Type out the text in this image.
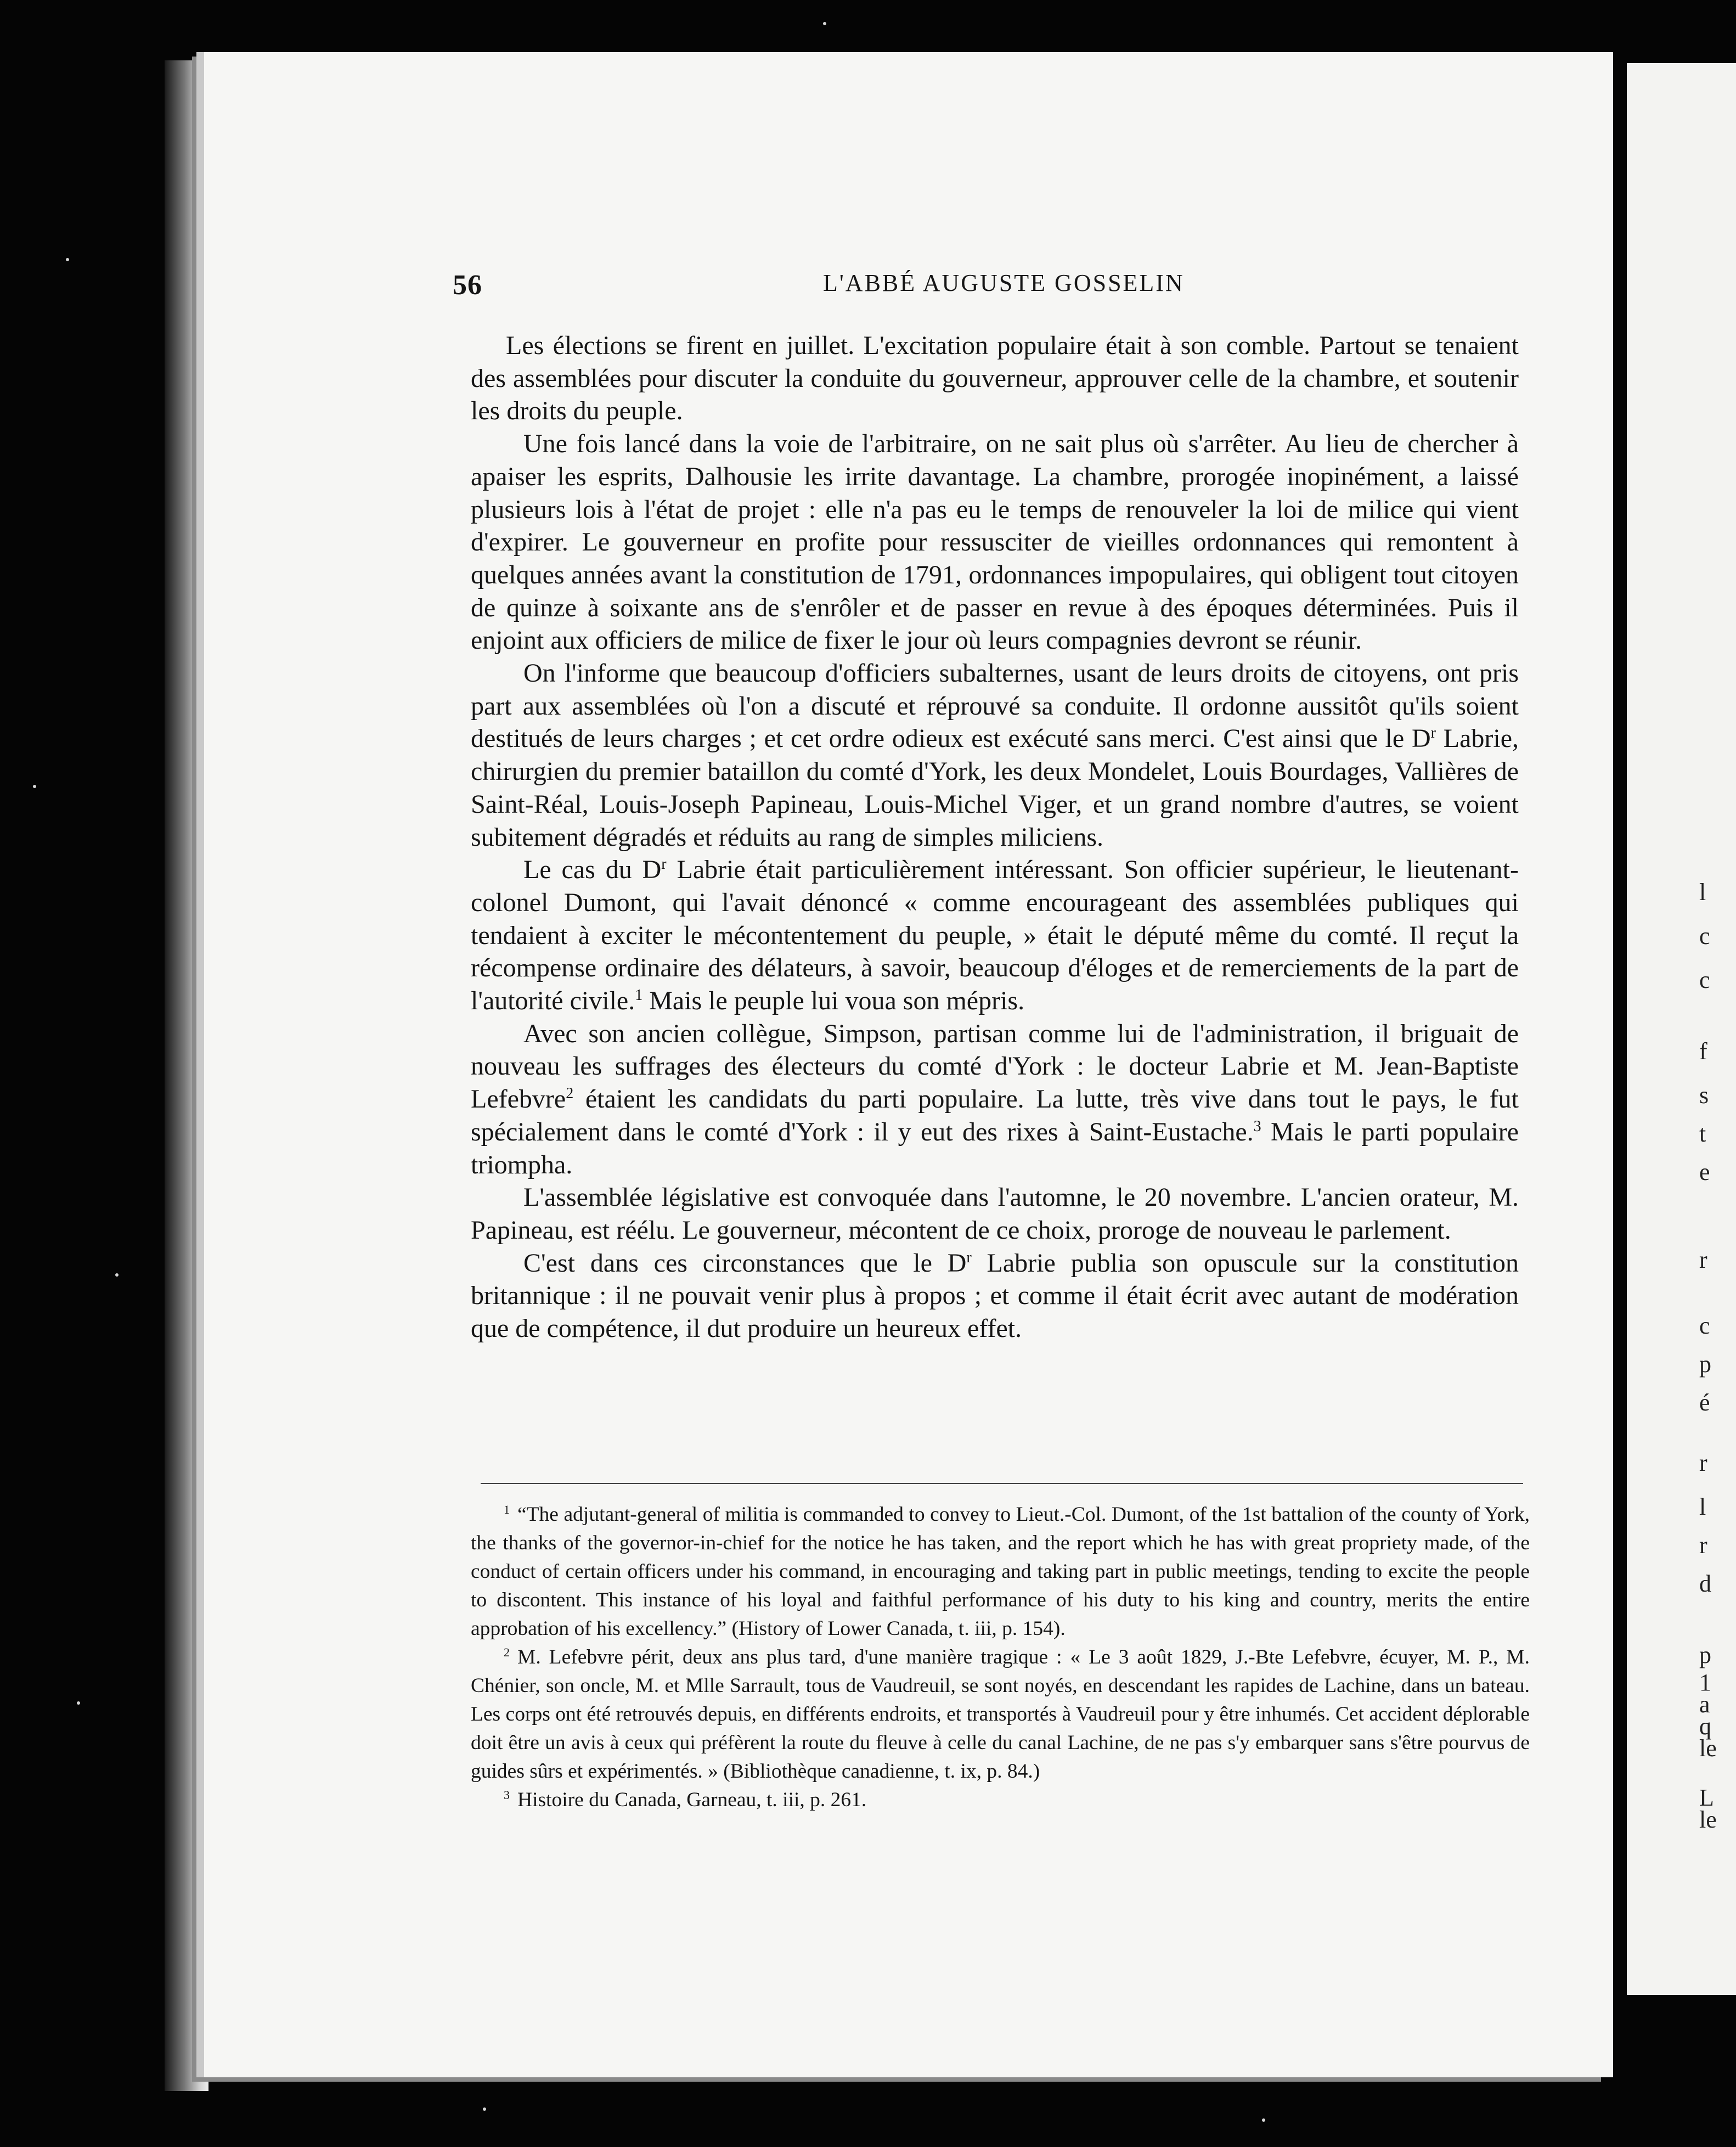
l
c
c
f
s
t
e
r
c
p
é
r
l
r
d
p
1
a
q
le
L
le
56	L'ABBÉ AUGUSTE GOSSELIN

Les élections se firent en juillet. L'excitation populaire était à son comble. Partout se tenaient des assemblées pour discuter la conduite du gouverneur, approuver celle de la chambre, et soutenir les droits du peuple.

Une fois lancé dans la voie de l'arbitraire, on ne sait plus où s'arrêter. Au lieu de chercher à apaiser les esprits, Dalhousie les irrite davantage. La chambre, prorogée inopinément, a laissé plusieurs lois à l'état de projet : elle n'a pas eu le temps de renouveler la loi de milice qui vient d'expirer. Le gouverneur en profite pour ressusciter de vieilles ordonnances qui remontent à quelques années avant la constitution de 1791, ordonnances impopulaires, qui obligent tout citoyen de quinze à soixante ans de s'enrôler et de passer en revue à des époques déterminées. Puis il enjoint aux officiers de milice de fixer le jour où leurs compagnies devront se réunir.

On l'informe que beaucoup d'officiers subalternes, usant de leurs droits de citoyens, ont pris part aux assemblées où l'on a discuté et réprouvé sa conduite. Il ordonne aussitôt qu'ils soient destitués de leurs charges ; et cet ordre odieux est exécuté sans merci. C'est ainsi que le $D^r$ Labrie, chirurgien du premier bataillon du comté d'York, les deux Mondelet, Louis Bourdages, Vallières de Saint-Réal, Louis-Joseph Papineau, Louis-Michel Viger, et un grand nombre d'autres, se voient subitement dégradés et réduits au rang de simples miliciens.

Le cas du $D^r$ Labrie était particulièrement intéressant. Son officier supérieur, le lieutenant-colonel Dumont, qui l'avait dénoncé « comme encourageant des assemblées publiques qui tendaient à exciter le mécontentement du peuple, » était le député même du comté. Il reçut la récompense ordinaire des délateurs, à savoir, beaucoup d'éloges et de remerciements de la part de l'autorité civile.$^1$ Mais le peuple lui voua son mépris.

Avec son ancien collègue, Simpson, partisan comme lui de l'administration, il briguait de nouveau les suffrages des électeurs du comté d'York : le docteur Labrie et M. Jean-Baptiste Lefebvre$^2$ étaient les candidats du parti populaire. La lutte, très vive dans tout le pays, le fut spécialement dans le comté d'York : il y eut des rixes à Saint-Eustache.$^3$ Mais le parti populaire triompha.

L'assemblée législative est convoquée dans l'automne, le 20 novembre. L'ancien orateur, M. Papineau, est réélu. Le gouverneur, mécontent de ce choix, proroge de nouveau le parlement.

C'est dans ces circonstances que le $D^r$ Labrie publia son opuscule sur la constitution britannique : il ne pouvait venir plus à propos ; et comme il était écrit avec autant de modération que de compétence, il dut produire un heureux effet.

$^1$ “The adjutant-general of militia is commanded to convey to Lieut.-Col. Dumont, of the 1st battalion of the county of York, the thanks of the governor-in-chief for the notice he has taken, and the report which he has with great propriety made, of the conduct of certain officers under his command, in encouraging and taking part in public meetings, tending to excite the people to discontent. This instance of his loyal and faithful performance of his duty to his king and country, merits the entire approbation of his excellency.” (History of Lower Canada, t. iii, p. 154).

$^2$ M. Lefebvre périt, deux ans plus tard, d'une manière tragique : « Le 3 août 1829, J.-Bte Lefebvre, écuyer, M. P., M. Chénier, son oncle, M. et Mlle Sarrault, tous de Vaudreuil, se sont noyés, en descendant les rapides de Lachine, dans un bateau. Les corps ont été retrouvés depuis, en différents endroits, et transportés à Vaudreuil pour y être inhumés. Cet accident déplorable doit être un avis à ceux qui préfèrent la route du fleuve à celle du canal Lachine, de ne pas s'y embarquer sans s'être pourvus de guides sûrs et expérimentés. » (Bibliothèque canadienne, t. ix, p. 84.)

$^3$ Histoire du Canada, Garneau, t. iii, p. 261.
